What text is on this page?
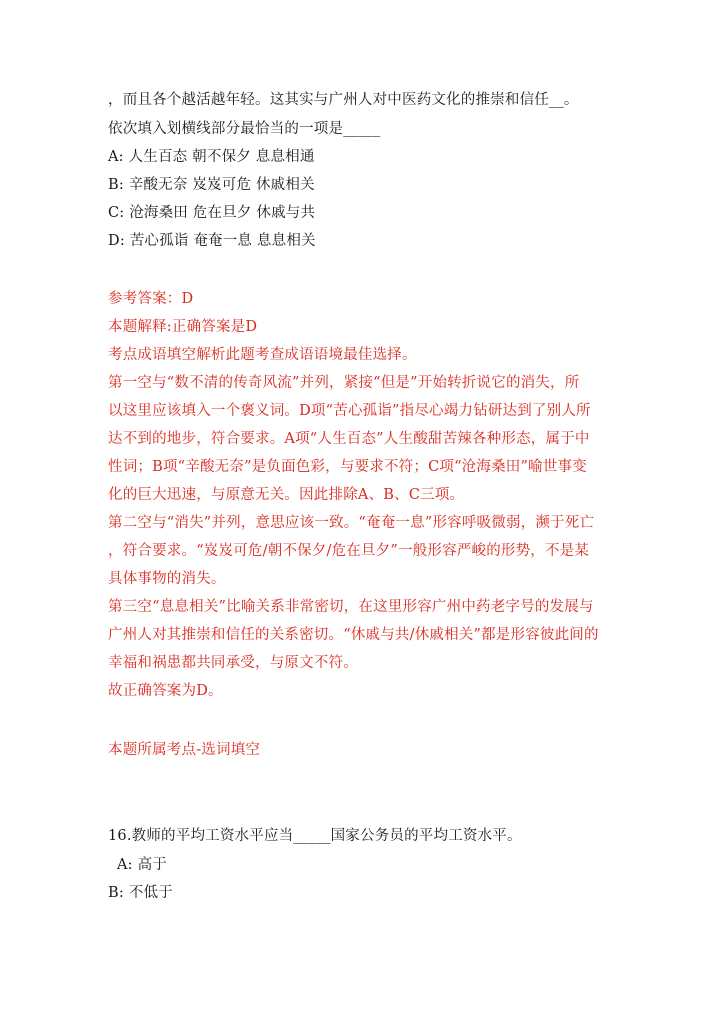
，而且各个越活越年轻。这其实与广州人对中医药文化的推崇和信任__。
依次填入划横线部分最恰当的一项是_____
A: 人生百态 朝不保夕 息息相通
B: 辛酸无奈 岌岌可危 休戚相关
C: 沧海桑田 危在旦夕 休戚与共
D: 苦心孤诣 奄奄一息 息息相关
参考答案：D
本题解释:正确答案是D
考点成语填空解析此题考查成语语境最佳选择。
第一空与“数不清的传奇风流”并列，紧接“但是”开始转折说它的消失，所
以这里应该填入一个褒义词。D项“苦心孤诣”指尽心竭力钻研达到了别人所
达不到的地步，符合要求。A项“人生百态”人生酸甜苦辣各种形态，属于中
性词；B项“辛酸无奈”是负面色彩，与要求不符；C项“沧海桑田”喻世事变
化的巨大迅速，与原意无关。因此排除A、B、C三项。
第二空与“消失”并列，意思应该一致。“奄奄一息”形容呼吸微弱，濒于死亡
，符合要求。“岌岌可危/朝不保夕/危在旦夕”一般形容严峻的形势，不是某
具体事物的消失。
第三空“息息相关”比喻关系非常密切，在这里形容广州中药老字号的发展与
广州人对其推崇和信任的关系密切。“休戚与共/休戚相关”都是形容彼此间的
幸福和祸患都共同承受，与原文不符。
故正确答案为D。
本题所属考点-选词填空
16.教师的平均工资水平应当_____国家公务员的平均工资水平。
A: 高于
B: 不低于
